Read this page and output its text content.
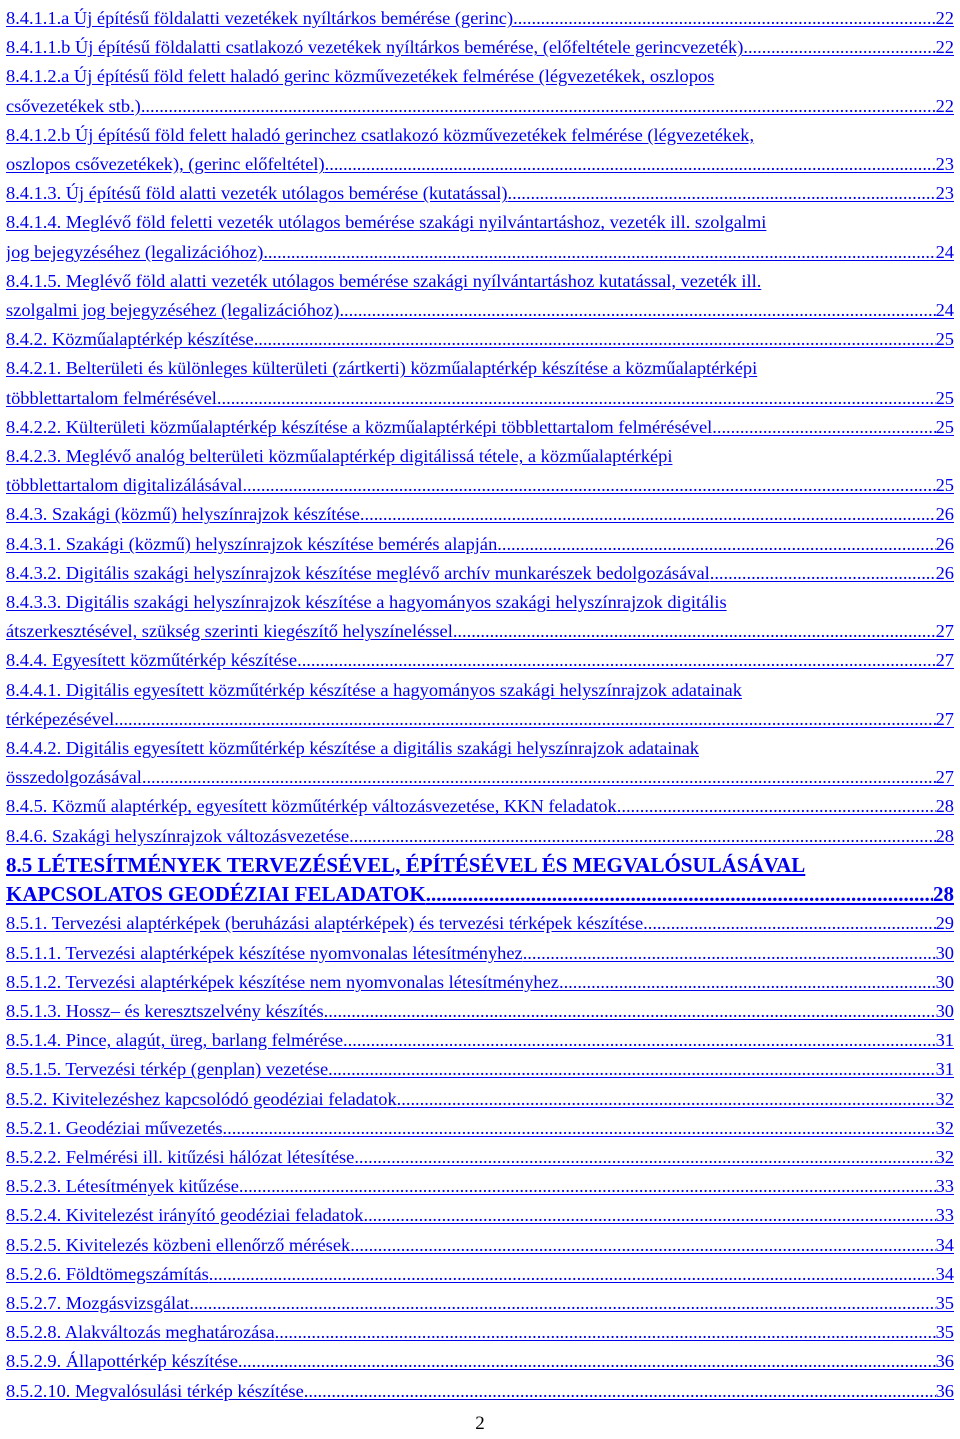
8.4.1.1.a Új építésű földalatti vezetékek nyíltárkos bemérése (gerinc) .....	22
8.4.1.1.b Új építésű földalatti csatlakozó vezetékek nyíltárkos bemérése, (előfeltétele gerincvezeték) .....	22
8.4.1.2.a Új építésű föld felett haladó gerinc közművezetékek felmérése (légvezetékek, oszlopos
csővezetékek stb.) .....	22
8.4.1.2.b Új építésű föld felett haladó gerinchez csatlakozó közművezetékek felmérése (légvezetékek,
oszlopos csővezetékek), (gerinc előfeltétel) .....	23
8.4.1.3. Új építésű föld alatti vezeték utólagos bemérése (kutatással) .....	23
8.4.1.4. Meglévő föld feletti vezeték utólagos bemérése szakági nyilvántartáshoz, vezeték ill. szolgalmi
jog bejegyzéséhez (legalizációhoz) .....	24
8.4.1.5. Meglévő föld alatti vezeték utólagos bemérése szakági nyílvántartáshoz kutatással, vezeték ill.
szolgalmi jog bejegyzéséhez (legalizációhoz) .....	24
8.4.2. Közműalaptérkép készítése .....	25
8.4.2.1. Belterületi és különleges külterületi (zártkerti) közműalaptérkép készítése a közműalaptérképi
többlettartalom felmérésével .....	25
8.4.2.2. Külterületi közműalaptérkép készítése a közműalaptérképi többlettartalom felmérésével .....	25
8.4.2.3. Meglévő analóg belterületi közműalaptérkép digitálissá tétele, a közműalaptérképi
többlettartalom digitalizálásával .....	25
8.4.3. Szakági (közmű) helyszínrajzok készítése .....	26
8.4.3.1. Szakági (közmű) helyszínrajzok készítése bemérés alapján .....	26
8.4.3.2. Digitális szakági helyszínrajzok készítése meglévő archív munkarészek bedolgozásával .....	26
8.4.3.3. Digitális szakági helyszínrajzok készítése a hagyományos szakági helyszínrajzok digitális
átszerkesztésével, szükség szerinti kiegészítő helyszíneléssel .....	27
8.4.4. Egyesített közműtérkép készítése .....	27
8.4.4.1. Digitális egyesített közműtérkép készítése a hagyományos szakági helyszínrajzok adatainak
térképezésével .....	27
8.4.4.2. Digitális egyesített közműtérkép készítése a digitális szakági helyszínrajzok adatainak
összedolgozásával .....	27
8.4.5. Közmű alaptérkép, egyesített közműtérkép változásvezetése, KKN feladatok .....	28
8.4.6. Szakági helyszínrajzok változásvezetése .....	28
8.5 LÉTESÍTMÉNYEK TERVEZÉSÉVEL, ÉPÍTÉSÉVEL ÉS MEGVALÓSULÁSÁVAL
KAPCSOLATOS GEODÉZIAI FELADATOK .....	28
8.5.1. Tervezési alaptérképek (beruházási alaptérképek) és tervezési térképek készítése .....	29
8.5.1.1. Tervezési alaptérképek készítése nyomvonalas létesítményhez .....	30
8.5.1.2. Tervezési alaptérképek készítése nem nyomvonalas létesítményhez .....	30
8.5.1.3. Hossz– és keresztszelvény készítés .....	30
8.5.1.4. Pince, alagút, üreg, barlang felmérése .....	31
8.5.1.5. Tervezési térkép (genplan) vezetése .....	31
8.5.2. Kivitelezéshez kapcsolódó geodéziai feladatok .....	32
8.5.2.1. Geodéziai művezetés .....	32
8.5.2.2. Felmérési ill. kitűzési hálózat létesítése .....	32
8.5.2.3. Létesítmények kitűzése .....	33
8.5.2.4. Kivitelezést irányító geodéziai feladatok .....	33
8.5.2.5. Kivitelezés közbeni ellenőrző mérések .....	34
8.5.2.6. Földtömegszámítás .....	34
8.5.2.7. Mozgásvizsgálat .....	35
8.5.2.8. Alakváltozás meghatározása .....	35
8.5.2.9. Állapottérkép készítése .....	36
8.5.2.10. Megvalósulási térkép készítése .....	36
2
